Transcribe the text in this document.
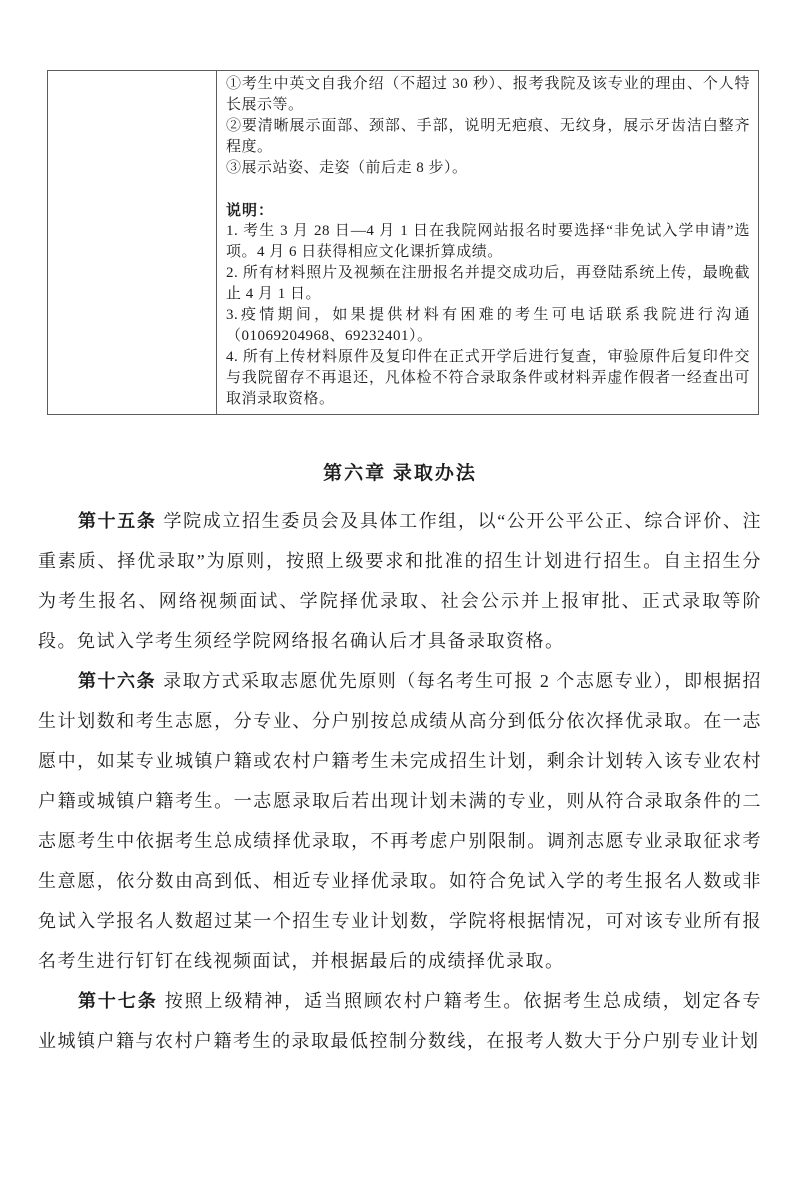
①考生中英文自我介绍（不超过 30 秒）、报考我院及该专业的理由、个人特长展示等。

②要清晰展示面部、颈部、手部，说明无疤痕、无纹身，展示牙齿洁白整齐程度。

③展示站姿、走姿（前后走 8 步）。

说明：

1. 考生 3 月 28 日—4 月 1 日在我院网站报名时要选择“非免试入学申请”选项。4 月 6 日获得相应文化课折算成绩。

2. 所有材料照片及视频在注册报名并提交成功后，再登陆系统上传，最晚截止 4 月 1 日。

3.疫情期间，如果提供材料有困难的考生可电话联系我院进行沟通（01069204968、69232401）。

4. 所有上传材料原件及复印件在正式开学后进行复查，审验原件后复印件交与我院留存不再退还，凡体检不符合录取条件或材料弄虚作假者一经查出可取消录取资格。

第六章 录取办法

第十五条 学院成立招生委员会及具体工作组，以“公开公平公正、综合评价、注重素质、择优录取”为原则，按照上级要求和批准的招生计划进行招生。自主招生分为考生报名、网络视频面试、学院择优录取、社会公示并上报审批、正式录取等阶段。免试入学考生须经学院网络报名确认后才具备录取资格。

第十六条 录取方式采取志愿优先原则（每名考生可报 2 个志愿专业），即根据招生计划数和考生志愿，分专业、分户别按总成绩从高分到低分依次择优录取。在一志愿中，如某专业城镇户籍或农村户籍考生未完成招生计划，剩余计划转入该专业农村户籍或城镇户籍考生。一志愿录取后若出现计划未满的专业，则从符合录取条件的二志愿考生中依据考生总成绩择优录取，不再考虑户别限制。调剂志愿专业录取征求考生意愿，依分数由高到低、相近专业择优录取。如符合免试入学的考生报名人数或非免试入学报名人数超过某一个招生专业计划数，学院将根据情况，可对该专业所有报名考生进行钉钉在线视频面试，并根据最后的成绩择优录取。

第十七条 按照上级精神，适当照顾农村户籍考生。依据考生总成绩，划定各专业城镇户籍与农村户籍考生的录取最低控制分数线，在报考人数大于分户别专业计划
